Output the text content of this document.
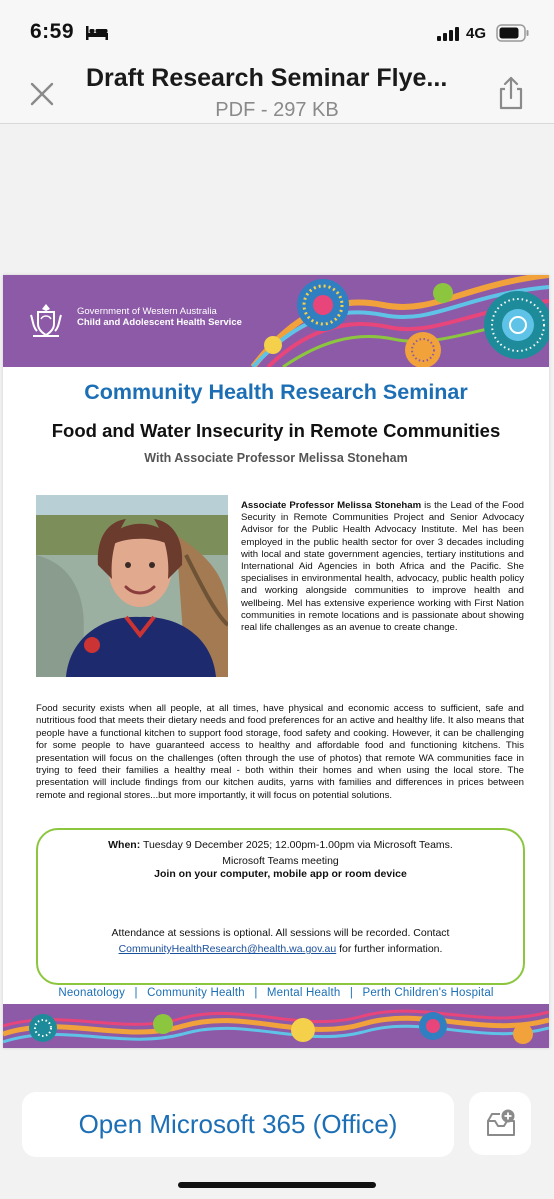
6:59	4G
Draft Research Seminar Flye...
PDF - 297 KB
Government of Western Australia
Child and Adolescent Health Service
Community Health Research Seminar
Food and Water Insecurity in Remote Communities
With Associate Professor Melissa Stoneham
Associate Professor Melissa Stoneham is the Lead of the Food Security in Remote Communities Project and Senior Advocacy Advisor for the Public Health Advocacy Institute. Mel has been employed in the public health sector for over 3 decades including with local and state government agencies, tertiary institutions and International Aid Agencies in both Africa and the Pacific. She specialises in environmental health, advocacy, public health policy and working alongside communities to improve health and wellbeing. Mel has extensive experience working with First Nation communities in remote locations and is passionate about showing real life challenges as an avenue to create change.
Food security exists when all people, at all times, have physical and economic access to sufficient, safe and nutritious food that meets their dietary needs and food preferences for an active and healthy life. It also means that people have a functional kitchen to support food storage, food safety and cooking. However, it can be challenging for some people to have guaranteed access to healthy and affordable food and functioning kitchens. This presentation will focus on the challenges (often through the use of photos) that remote WA communities face in trying to feed their families a healthy meal - both within their homes and when using the local store. The presentation will include findings from our kitchen audits, yarns with families and differences in prices between remote and regional stores...but more importantly, it will focus on potential solutions.
When: Tuesday 9 December 2025; 12.00pm-1.00pm via Microsoft Teams.
Microsoft Teams meeting
Join on your computer, mobile app or room device
Attendance at sessions is optional. All sessions will be recorded. Contact
CommunityHealthResearch@health.wa.gov.au for further information.
Neonatology | Community Health | Mental Health | Perth Children's Hospital
Open Microsoft 365 (Office)
